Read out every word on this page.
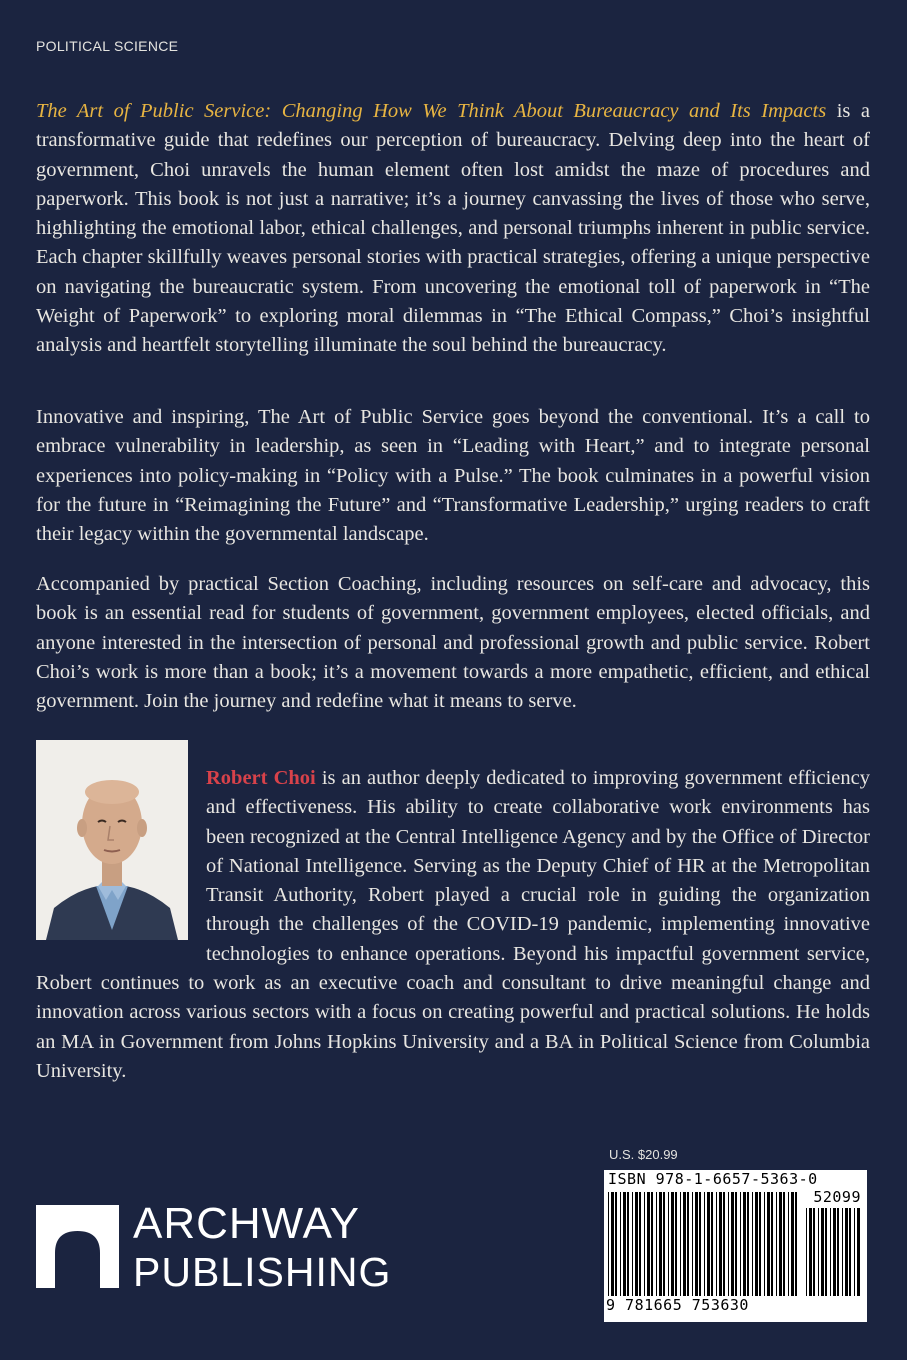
POLITICAL SCIENCE

The Art of Public Service: Changing How We Think About Bureaucracy and Its Impacts is a transformative guide that redefines our perception of bureaucracy. Delving deep into the heart of government, Choi unravels the human element often lost amidst the maze of procedures and paperwork. This book is not just a narrative; it’s a journey canvassing the lives of those who serve, highlighting the emotional labor, ethical challenges, and personal triumphs inherent in public service. Each chapter skillfully weaves personal stories with practical strategies, offering a unique perspective on navigating the bureaucratic system. From uncovering the emotional toll of paperwork in “The Weight of Paperwork” to exploring moral dilemmas in “The Ethical Compass,” Choi’s insightful analysis and heartfelt storytelling illuminate the soul behind the bureaucracy.

Innovative and inspiring, The Art of Public Service goes beyond the conventional. It’s a call to embrace vulnerability in leadership, as seen in “Leading with Heart,” and to integrate personal experiences into policy-making in “Policy with a Pulse.” The book culminates in a powerful vision for the future in “Reimagining the Future” and “Transformative Leadership,” urging readers to craft their legacy within the governmental landscape.

Accompanied by practical Section Coaching, including resources on self-care and advocacy, this book is an essential read for students of government, government employees, elected officials, and anyone interested in the intersection of personal and professional growth and public service. Robert Choi’s work is more than a book; it’s a movement towards a more empathetic, efficient, and ethical government. Join the journey and redefine what it means to serve.

Robert Choi is an author deeply dedicated to improving government efficiency and effectiveness. His ability to create collaborative work environments has been recognized at the Central Intelligence Agency and by the Office of Director of National Intelligence. Serving as the Deputy Chief of HR at the Metropolitan Transit Authority, Robert played a crucial role in guiding the organization through the challenges of the COVID-19 pandemic, implementing innovative technologies to enhance operations. Beyond his impactful government service, Robert continues to work as an executive coach and consultant to drive meaningful change and innovation across various sectors with a focus on creating powerful and practical solutions. He holds an MA in Government from Johns Hopkins University and a BA in Political Science from Columbia University.

U.S. $20.99
ISBN 978-1-6657-5363-0
52099
9 781665 753630
ARCHWAY
PUBLISHING
